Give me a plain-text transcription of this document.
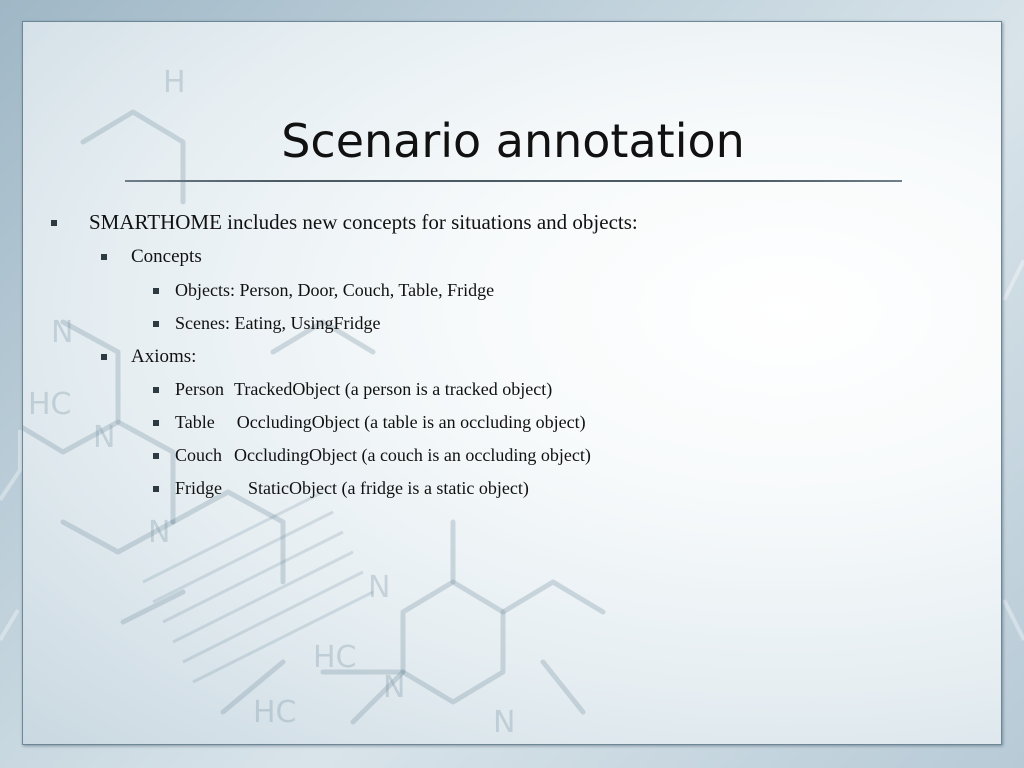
N
HC
N
N
N
HC
N
N
H
HC
Scenario annotation
SMARTHOME includes new concepts for situations and objects:
Concepts
Objects: Person, Door, Couch, Table, Fridge
Scenes: Eating, UsingFridge
Axioms:
Person TrackedObject (a person is a tracked object)
Table OccludingObject (a table is an occluding object)
Couch OccludingObject (a couch is an occluding object)
Fridge StaticObject (a fridge is a static object)
